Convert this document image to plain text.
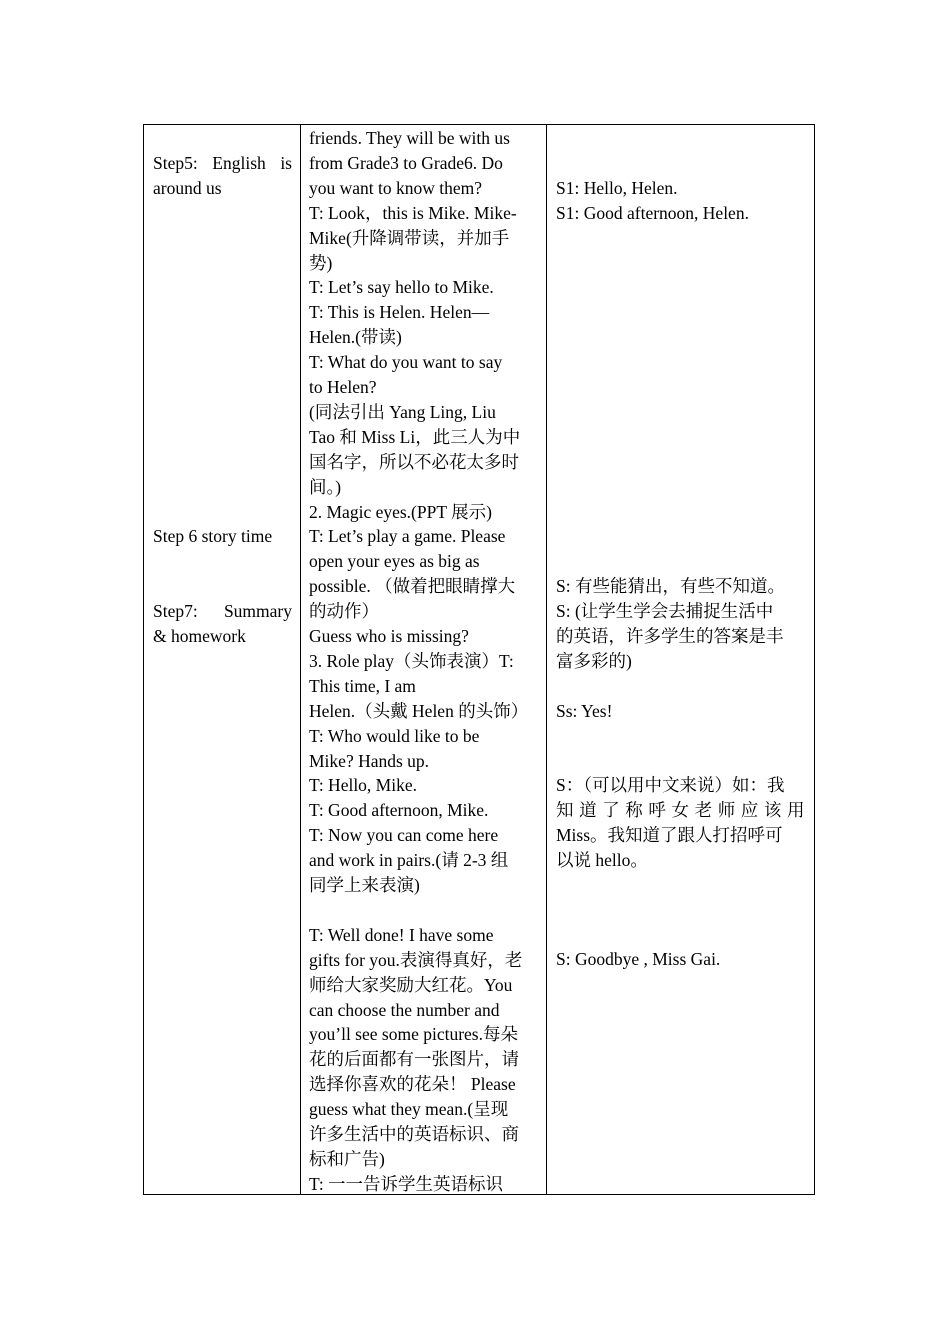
Step5: English is
around us
Step 6 story time
Step7: Summary
& homework
S1: Hello, Helen.
S1: Good afternoon, Helen.
S: 有些能猜出，有些不知道。
S: (让学生学会去捕捉生活中
的英语，许多学生的答案是丰
富多彩的)
Ss: Yes!
S：（可以用中文来说）如：我
知道了称呼女老师应该用
Miss。我知道了跟人打招呼可
以说 hello。
S: Goodbye , Miss Gai.
friends. They will be with us
from Grade3 to Grade6. Do
you want to know them?
T: Look，this is Mike. Mike-
Mike(升降调带读，并加手
势)
T: Let’s say hello to Mike.
T: This is Helen. Helen—
Helen.(带读)
T: What do you want to say
to Helen?
(同法引出 Yang Ling, Liu
Tao 和 Miss Li，此三人为中
国名字，所以不必花太多时
间。)
2. Magic eyes.(PPT 展示)
T: Let’s play a game. Please
open your eyes as big as
possible. （做着把眼睛撑大
的动作）
Guess who is missing?
3. Role play（头饰表演）T:
This time, I am
Helen.（头戴 Helen 的头饰）
T: Who would like to be
Mike? Hands up.
T: Hello, Mike.
T: Good afternoon, Mike.
T: Now you can come here
and work in pairs.(请 2-3 组
同学上来表演)
T: Well done! I have some
gifts for you.表演得真好，老
师给大家奖励大红花。You
can choose the number and
you’ll see some pictures.每朵
花的后面都有一张图片，请
选择你喜欢的花朵！ Please
guess what they mean.(呈现
许多生活中的英语标识、商
标和广告)
T: 一一告诉学生英语标识
